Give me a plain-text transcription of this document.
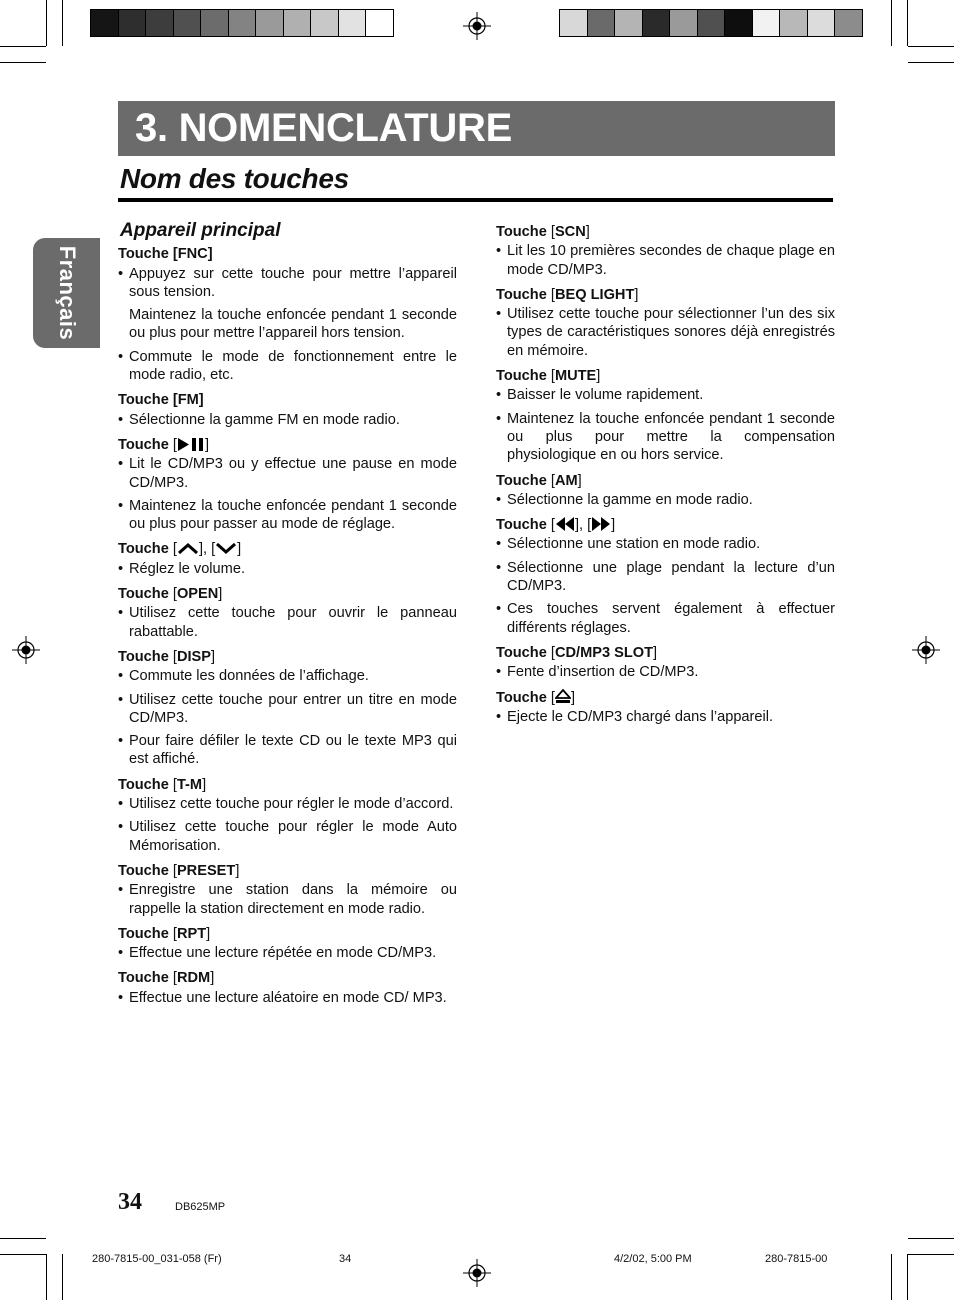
3. NOMENCLATURE
Nom des touches
Français
Appareil principal
Touche [FNC]
• Appuyez sur cette touche pour mettre l’appareil sous tension.
Maintenez la touche enfoncée pendant 1 seconde ou plus pour mettre l’appareil hors tension.
• Commute le mode de fonctionnement entre le mode radio, etc.
Touche [FM]
• Sélectionne la gamme FM en mode radio.
Touche [ ]
• Lit le CD/MP3 ou y effectue une pause en mode CD/MP3.
• Maintenez la touche enfoncée pendant 1 seconde ou plus pour passer au mode de réglage.
Touche [ ], [ ]
• Réglez le volume.
Touche [OPEN]
• Utilisez cette touche pour ouvrir le panneau rabattable.
Touche [DISP]
• Commute les données de l’affichage.
• Utilisez cette touche pour entrer un titre en mode CD/MP3.
• Pour faire défiler le texte CD ou le texte MP3 qui est affiché.
Touche [T-M]
• Utilisez cette touche pour régler le mode d’accord.
• Utilisez cette touche pour régler le mode Auto Mémorisation.
Touche [PRESET]
• Enregistre une station dans la mémoire ou rappelle la station directement en mode radio.
Touche [RPT]
• Effectue une lecture répétée en mode CD/MP3.
Touche [RDM]
• Effectue une lecture aléatoire en mode CD/ MP3.
Touche [SCN]
• Lit les 10 premières secondes de chaque plage en mode CD/MP3.
Touche [BEQ LIGHT]
• Utilisez cette touche pour sélectionner l’un des six types de caractéristiques sonores déjà enregistrés en mémoire.
Touche [MUTE]
• Baisser le volume rapidement.
• Maintenez la touche enfoncée pendant 1 seconde ou plus pour mettre la compensation physiologique en ou hors service.
Touche [AM]
• Sélectionne la gamme en mode radio.
Touche [ ], [ ]
• Sélectionne une station en mode radio.
• Sélectionne une plage pendant la lecture d’un CD/MP3.
• Ces touches servent également à effectuer différents réglages.
Touche [CD/MP3 SLOT]
• Fente d’insertion de CD/MP3.
Touche [ ]
• Ejecte le CD/MP3 chargé dans l’appareil.
34	DB625MP
280-7815-00_031-058 (Fr)	34	4/2/02, 5:00 PM	280-7815-00
